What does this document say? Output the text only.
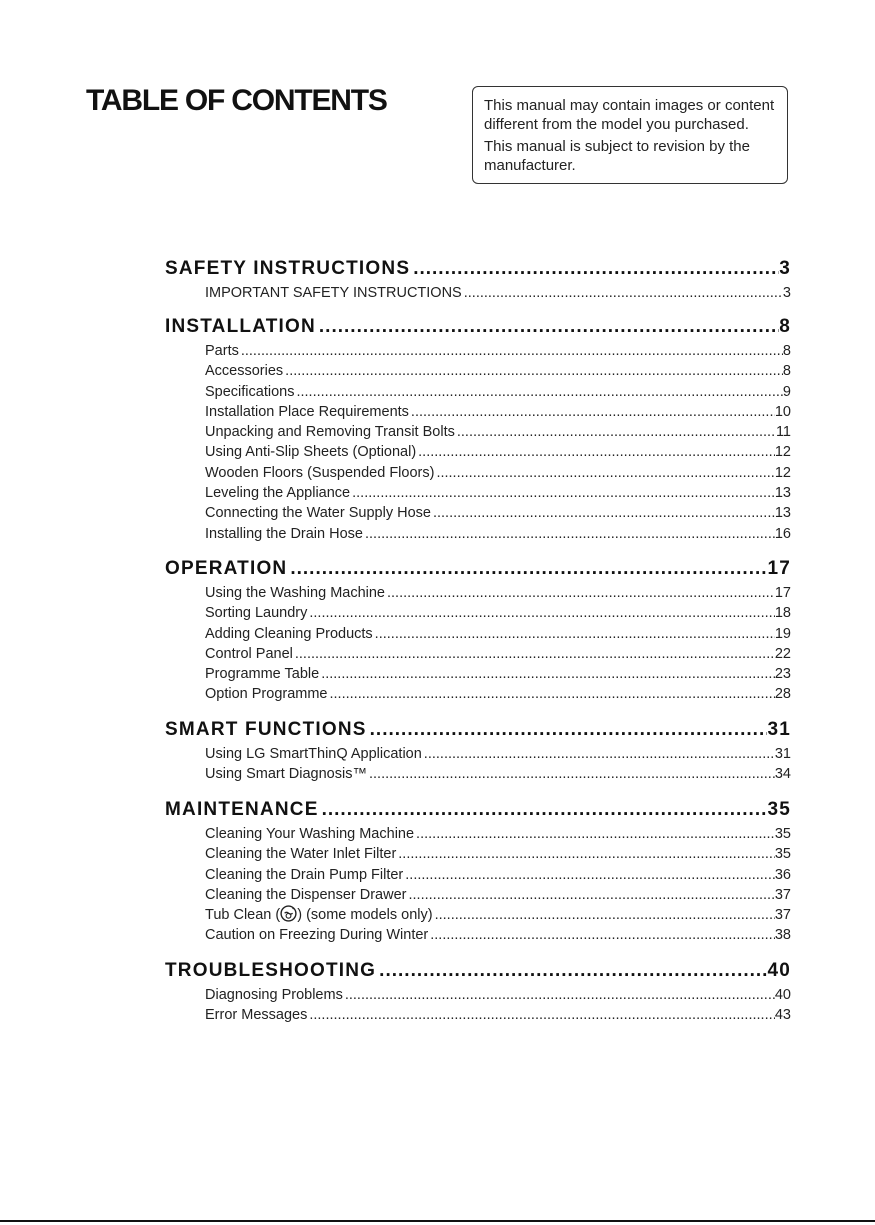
TABLE OF CONTENTS	This manual may contain images or content different from the model you purchased.

This manual is subject to revision by the manufacturer.

SAFETY INSTRUCTIONS .....	3
IMPORTANT SAFETY INSTRUCTIONS .....	3
INSTALLATION .....	8
Parts .....	8
Accessories .....	8
Specifications .....	9
Installation Place Requirements .....	10
Unpacking and Removing Transit Bolts .....	11
Using Anti-Slip Sheets (Optional) .....	12
Wooden Floors (Suspended Floors) .....	12
Leveling the Appliance .....	13
Connecting the Water Supply Hose .....	13
Installing the Drain Hose .....	16
OPERATION .....	17
Using the Washing Machine .....	17
Sorting Laundry .....	18
Adding Cleaning Products .....	19
Control Panel .....	22
Programme Table .....	23
Option Programme .....	28
SMART FUNCTIONS .....	31
Using LG SmartThinQ Application .....	31
Using Smart Diagnosis™ .....	34
MAINTENANCE .....	35
Cleaning Your Washing Machine .....	35
Cleaning the Water Inlet Filter .....	35
Cleaning the Drain Pump Filter .....	36
Cleaning the Dispenser Drawer .....	37
Tub Clean ( ) (some models only) .....	37
Caution on Freezing During Winter .....	38
TROUBLESHOOTING .....	40
Diagnosing Problems .....	40
Error Messages .....	43
